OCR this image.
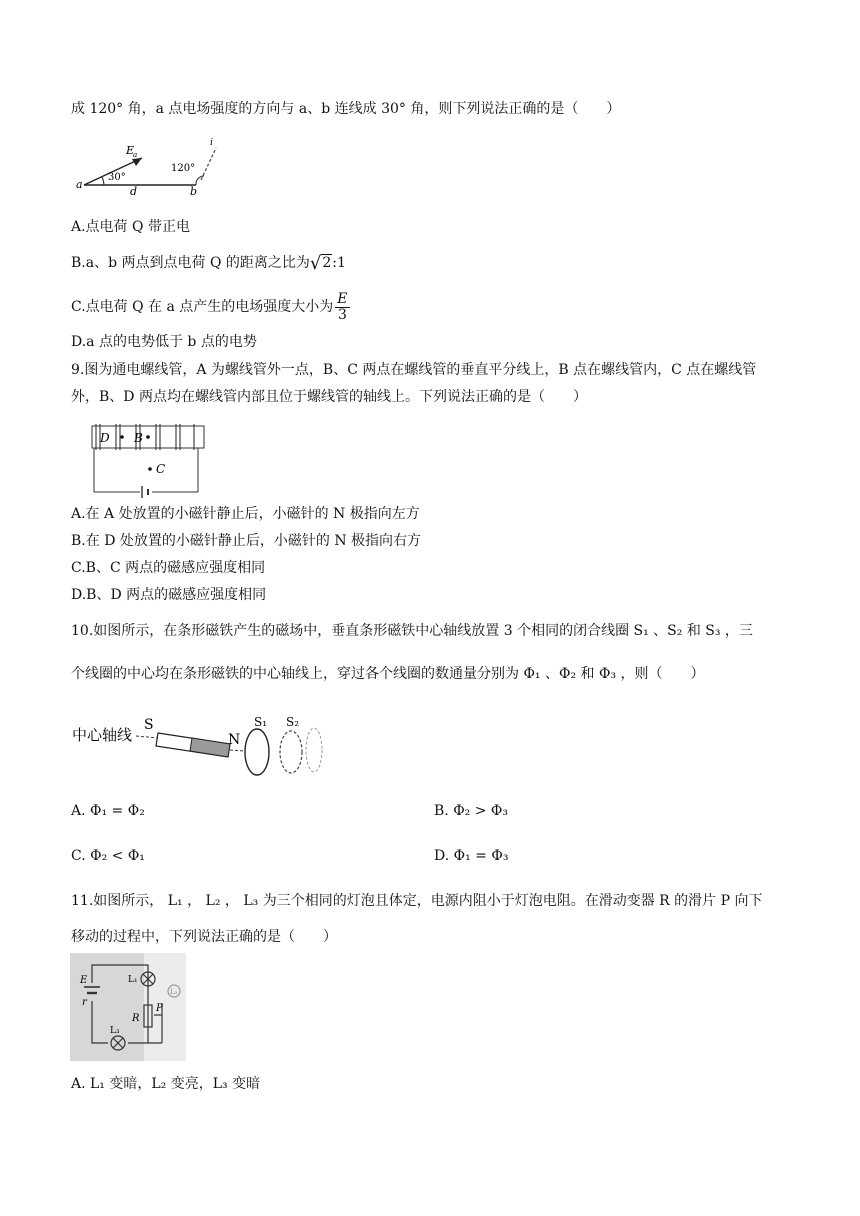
成 120° 角，a 点电场强度的方向与 a、b 连线成 30° 角，则下列说法正确的是（　　）
E
a
30°
120°
a
d	b
i
A.点电荷 Q 带正电
B.a、b 两点到点电荷 Q 的距离之比为√2:1
C.点电荷 Q 在 a 点产生的电场强度大小为 $\frac{E}{3}$
D.a 点的电势低于 b 点的电势
9.图为通电螺线管，A 为螺线管外一点，B、C 两点在螺线管的垂直平分线上，B 点在螺线管内，C 点在螺线管
外，B、D 两点均在螺线管内部且位于螺线管的轴线上。下列说法正确的是（　　）
D B
C
A.在 A 处放置的小磁针静止后，小磁针的 N 极指向左方
B.在 D 处放置的小磁针静止后，小磁针的 N 极指向右方
C.B、C 两点的磁感应强度相同
D.B、D 两点的磁感应强度相同
10.如图所示，在条形磁铁产生的磁场中，垂直条形磁铁中心轴线放置 3 个相同的闭合线圈 S₁ 、S₂ 和 S₃ ，三
个线圈的中心均在条形磁铁的中心轴线上，穿过各个线圈的数通量分别为 Φ₁ 、Φ₂ 和 Φ₃ ，则（　　）
中心轴线
S
N
S₁ S₂
A. Φ₁ = Φ₂	B. Φ₂ > Φ₃
C. Φ₂ < Φ₁	D. Φ₁ = Φ₃
11.如图所示， L₁ ， L₂ ， L₃ 为三个相同的灯泡且体定，电源内阻小于灯泡电阻。在滑动变器 R 的滑片 P 向下
移动的过程中，下列说法正确的是（　　）
E
r
L₁
R
P
L₃
L₂
A. L₁ 变暗，L₂ 变亮，L₃ 变暗
